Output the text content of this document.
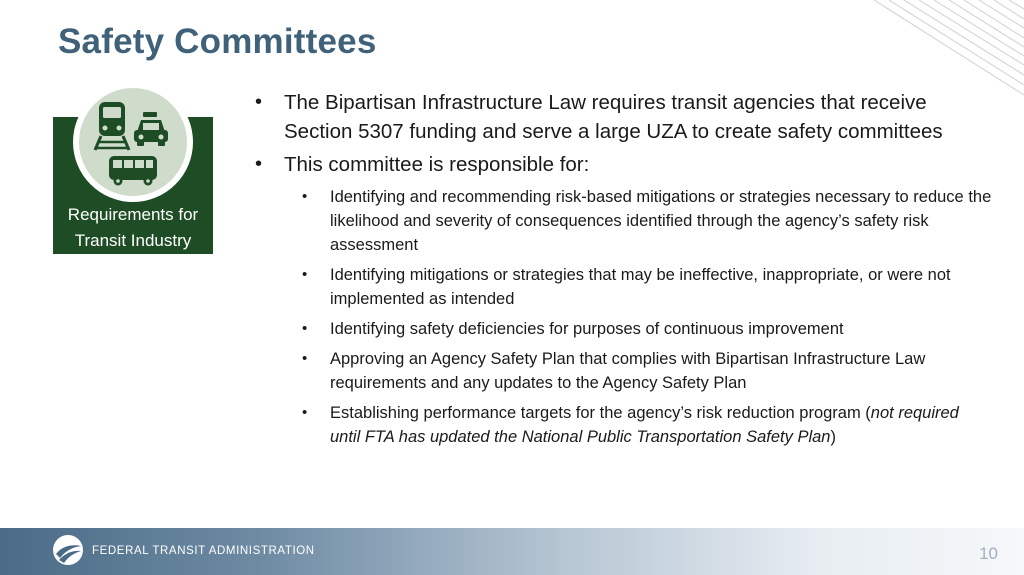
Safety Committees
Requirements for
Transit Industry
• The Bipartisan Infrastructure Law requires transit agencies that receive Section 5307 funding and serve a large UZA to create safety committees
• This committee is responsible for:
• Identifying and recommending risk-based mitigations or strategies necessary to reduce the likelihood and severity of consequences identified through the agency’s safety risk assessment
• Identifying mitigations or strategies that may be ineffective, inappropriate, or were not implemented as intended
• Identifying safety deficiencies for purposes of continuous improvement
• Approving an Agency Safety Plan that complies with Bipartisan Infrastructure Law requirements and any updates to the Agency Safety Plan
• Establishing performance targets for the agency’s risk reduction program (not required until FTA has updated the National Public Transportation Safety Plan)
FEDERAL TRANSIT ADMINISTRATION	10
